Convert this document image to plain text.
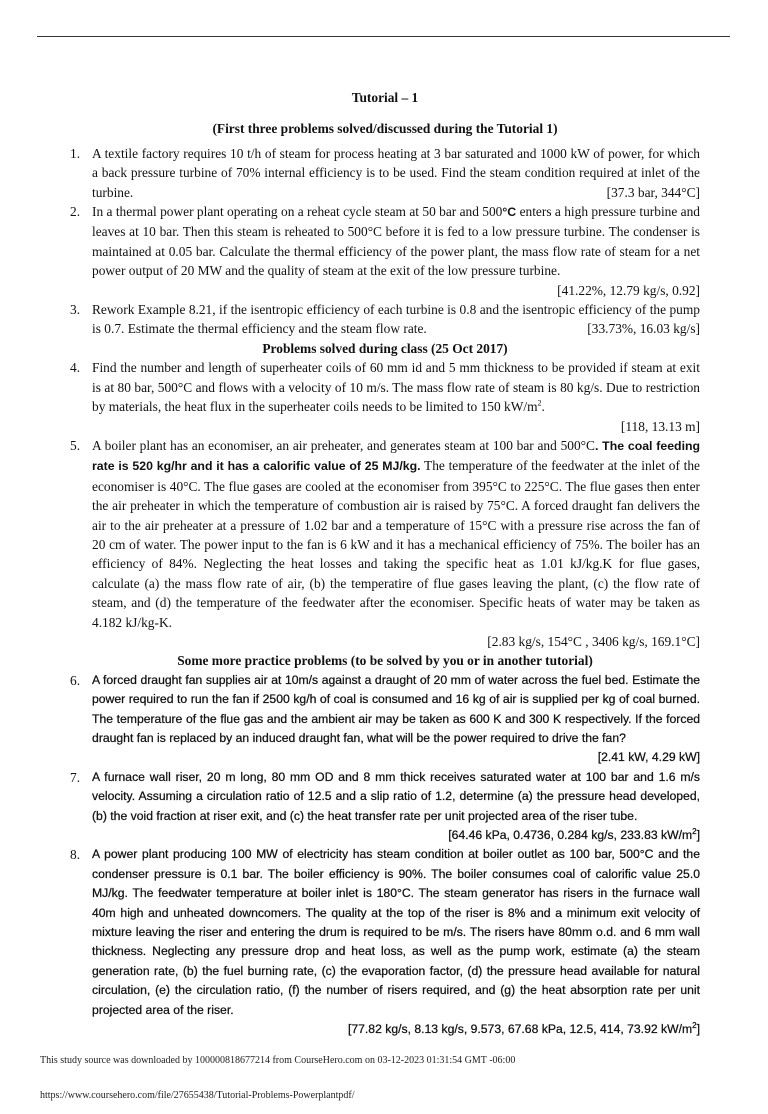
Tutorial – 1
(First three problems solved/discussed during the Tutorial 1)
1. A textile factory requires 10 t/h of steam for process heating at 3 bar saturated and 1000 kW of power, for which a back pressure turbine of 70% internal efficiency is to be used. Find the steam condition required at inlet of the turbine.	[37.3 bar, 344°C]
2. In a thermal power plant operating on a reheat cycle steam at 50 bar and 500°C enters a high pressure turbine and leaves at 10 bar. Then this steam is reheated to 500°C before it is fed to a low pressure turbine. The condenser is maintained at 0.05 bar. Calculate the thermal efficiency of the power plant, the mass flow rate of steam for a net power output of 20 MW and the quality of steam at the exit of the low pressure turbine.
[41.22%, 12.79 kg/s, 0.92]
3. Rework Example 8.21, if the isentropic efficiency of each turbine is 0.8 and the isentropic efficiency of the pump is 0.7. Estimate the thermal efficiency and the steam flow rate.	[33.73%, 16.03 kg/s]
Problems solved during class (25 Oct 2017)
4. Find the number and length of superheater coils of 60 mm id and 5 mm thickness to be provided if steam at exit is at 80 bar, 500°C and flows with a velocity of 10 m/s. The mass flow rate of steam is 80 kg/s. Due to restriction by materials, the heat flux in the superheater coils needs to be limited to 150 $kW/m^2$.
[118, 13.13 m]
5. A boiler plant has an economiser, an air preheater, and generates steam at 100 bar and 500°C. The coal feeding rate is 520 kg/hr and it has a calorific value of 25 MJ/kg. The temperature of the feedwater at the inlet of the economiser is 40°C. The flue gases are cooled at the economiser from 395°C to 225°C. The flue gases then enter the air preheater in which the temperature of combustion air is raised by 75°C. A forced draught fan delivers the air to the air preheater at a pressure of 1.02 bar and a temperature of 15°C with a pressure rise across the fan of 20 cm of water. The power input to the fan is 6 kW and it has a mechanical efficiency of 75%. The boiler has an efficiency of 84%. Neglecting the heat losses and taking the specific heat as 1.01 kJ/kg.K for flue gases, calculate (a) the mass flow rate of air, (b) the temperatire of flue gases leaving the plant, (c) the flow rate of steam, and (d) the temperature of the feedwater after the economiser. Specific heats of water may be taken as 4.182 kJ/kg-K.
[2.83 kg/s, 154°C , 3406 kg/s, 169.1°C]
Some more practice problems (to be solved by you or in another tutorial)
6. A forced draught fan supplies air at 10m/s against a draught of 20 mm of water across the fuel bed. Estimate the power required to run the fan if 2500 kg/h of coal is consumed and 16 kg of air is supplied per kg of coal burned. The temperature of the flue gas and the ambient air may be taken as 600 K and 300 K respectively. If the forced draught fan is replaced by an induced draught fan, what will be the power required to drive the fan?
[2.41 kW, 4.29 kW]
7. A furnace wall riser, 20 m long, 80 mm OD and 8 mm thick receives saturated water at 100 bar and 1.6 m/s velocity. Assuming a circulation ratio of 12.5 and a slip ratio of 1.2, determine (a) the pressure head developed, (b) the void fraction at riser exit, and (c) the heat transfer rate per unit projected area of the riser tube.
[64.46 kPa, 0.4736, 0.284 kg/s, 233.83 $kW/m^2$]
8. A power plant producing 100 MW of electricity has steam condition at boiler outlet as 100 bar, 500°C and the condenser pressure is 0.1 bar. The boiler efficiency is 90%. The boiler consumes coal of calorific value 25.0 MJ/kg. The feedwater temperature at boiler inlet is 180°C. The steam generator has risers in the furnace wall 40m high and unheated downcomers. The quality at the top of the riser is 8% and a minimum exit velocity of mixture leaving the riser and entering the drum is required to be m/s. The risers have 80mm o.d. and 6 mm wall thickness. Neglecting any pressure drop and heat loss, as well as the pump work, estimate (a) the steam generation rate, (b) the fuel burning rate, (c) the evaporation factor, (d) the pressure head available for natural circulation, (e) the circulation ratio, (f) the number of risers required, and (g) the heat absorption rate per unit projected area of the riser.
[77.82 kg/s, 8.13 kg/s, 9.573, 67.68 kPa, 12.5, 414, 73.92 $kW/m^2$]
This study source was downloaded by 100000818677214 from CourseHero.com on 03-12-2023 01:31:54 GMT -06:00
https://www.coursehero.com/file/27655438/Tutorial-Problems-Powerplantpdf/
